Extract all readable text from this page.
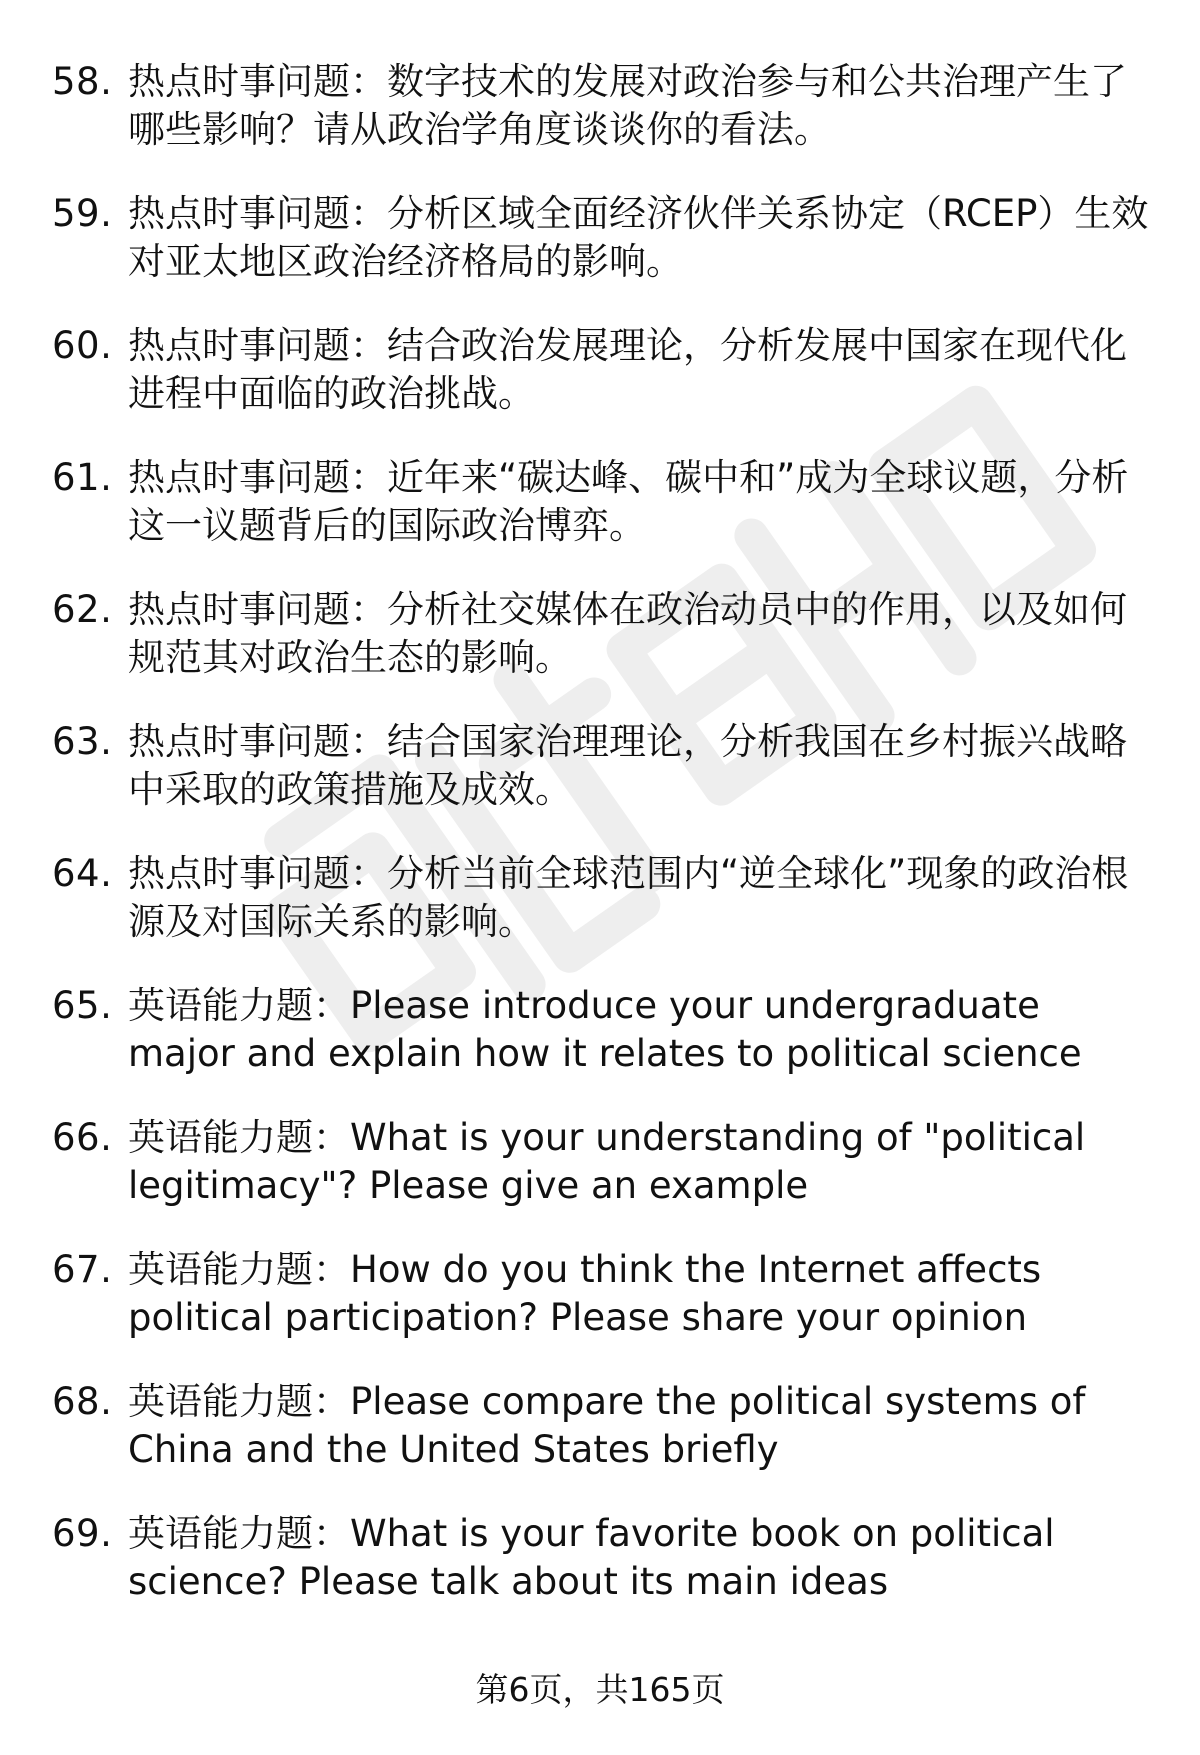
58. 热点时事问题：数字技术的发展对政治参与和公共治理产生了哪些影响？请从政治学角度谈谈你的看法。
59. 热点时事问题：分析区域全面经济伙伴关系协定（RCEP）生效对亚太地区政治经济格局的影响。
60. 热点时事问题：结合政治发展理论，分析发展中国家在现代化进程中面临的政治挑战。
61. 热点时事问题：近年来“碳达峰、碳中和”成为全球议题，分析这一议题背后的国际政治博弈。
62. 热点时事问题：分析社交媒体在政治动员中的作用，以及如何规范其对政治生态的影响。
63. 热点时事问题：结合国家治理理论，分析我国在乡村振兴战略中采取的政策措施及成效。
64. 热点时事问题：分析当前全球范围内“逆全球化”现象的政治根源及对国际关系的影响。
65. 英语能力题：Please introduce your undergraduate major and explain how it relates to political science
66. 英语能力题：What is your understanding of "political legitimacy"? Please give an example
67. 英语能力题：How do you think the Internet affects political participation? Please share your opinion
68. 英语能力题：Please compare the political systems of China and the United States briefly
69. 英语能力题：What is your favorite book on political science? Please talk about its main ideas
第6页，共165页
